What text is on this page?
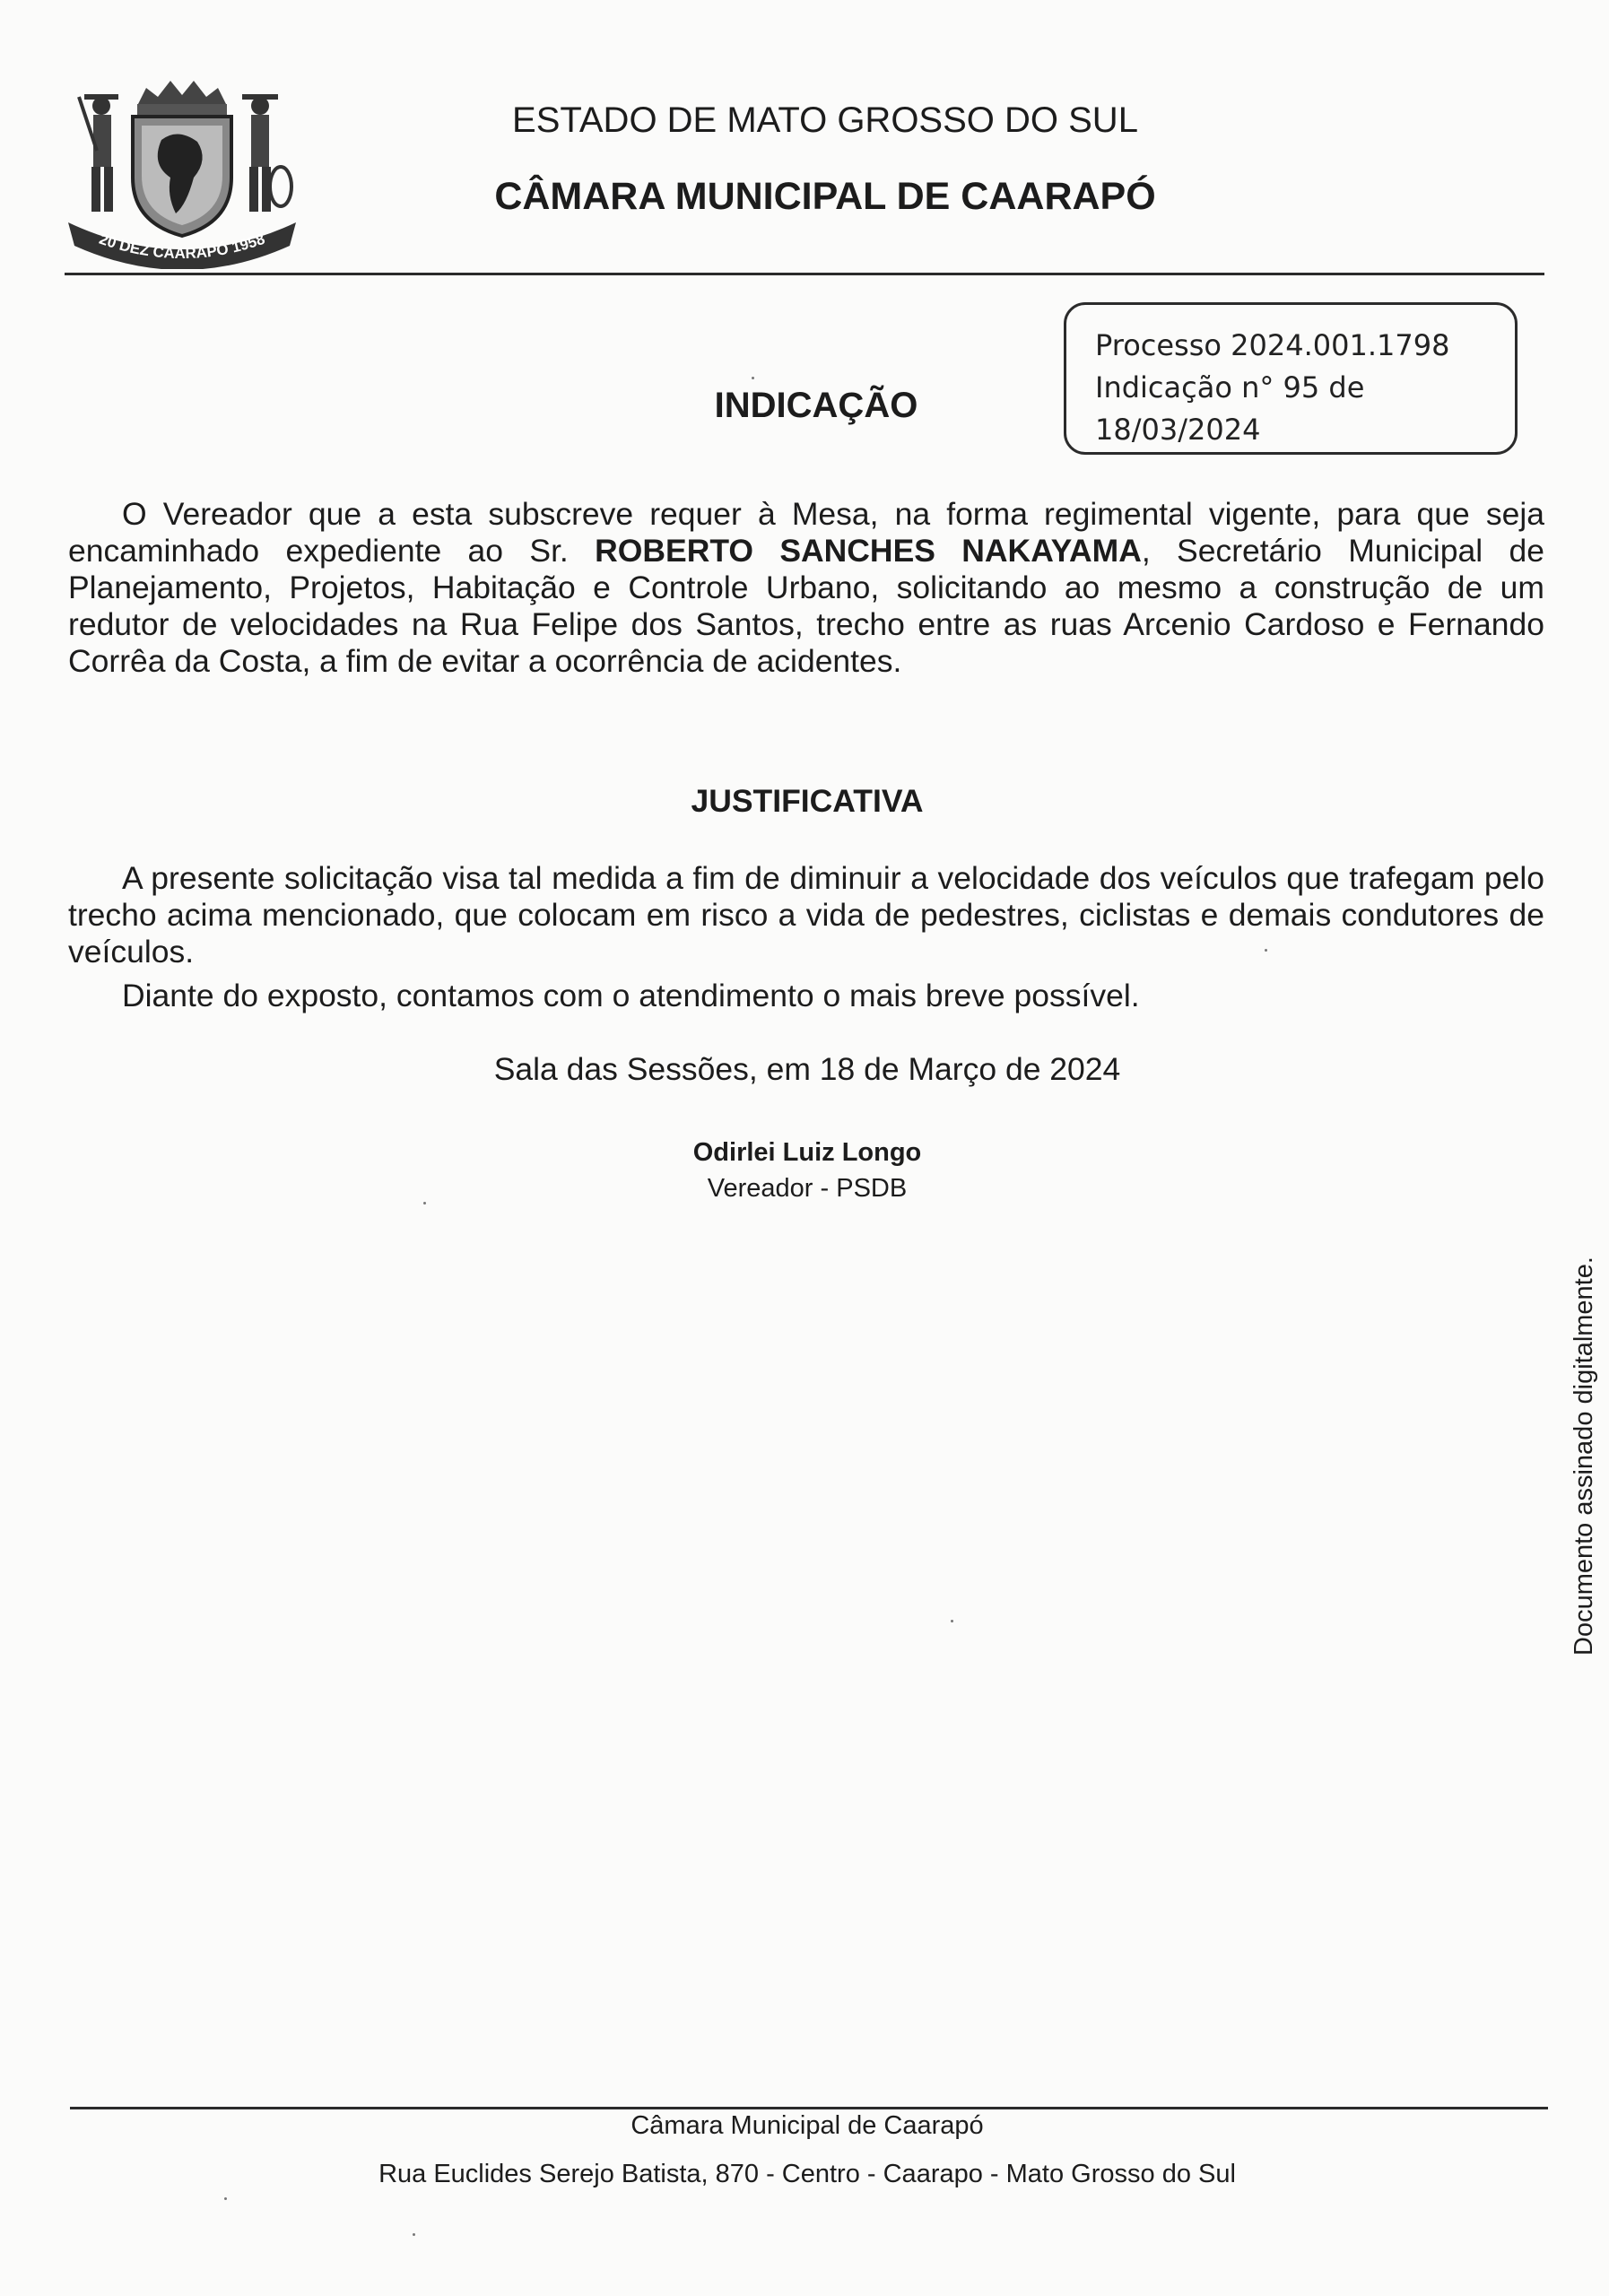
20 DEZ CAARAPÓ 1958
ESTADO DE MATO GROSSO DO SUL
CÂMARA MUNICIPAL DE CAARAPÓ
Processo 2024.001.1798
Indicação n° 95 de
18/03/2024
INDICAÇÃO
O Vereador que a esta subscreve requer à Mesa, na forma regimental vigente, para que seja encaminhado expediente ao Sr. ROBERTO SANCHES NAKAYAMA, Secretário Municipal de Planejamento, Projetos, Habitação e Controle Urbano, solicitando ao mesmo a construção de um redutor de velocidades na Rua Felipe dos Santos, trecho entre as ruas Arcenio Cardoso e Fernando Corrêa da Costa, a fim de evitar a ocorrência de acidentes.
JUSTIFICATIVA
A presente solicitação visa tal medida a fim de diminuir a velocidade dos veículos que trafegam pelo trecho acima mencionado, que colocam em risco a vida de pedestres, ciclistas e demais condutores de veículos.
Diante do exposto, contamos com o atendimento o mais breve possível.
Sala das Sessões, em 18 de Março de 2024
Odirlei Luiz Longo
Vereador - PSDB
Documento assinado digitalmente.
Câmara Municipal de Caarapó
Rua Euclides Serejo Batista, 870 - Centro - Caarapo - Mato Grosso do Sul
